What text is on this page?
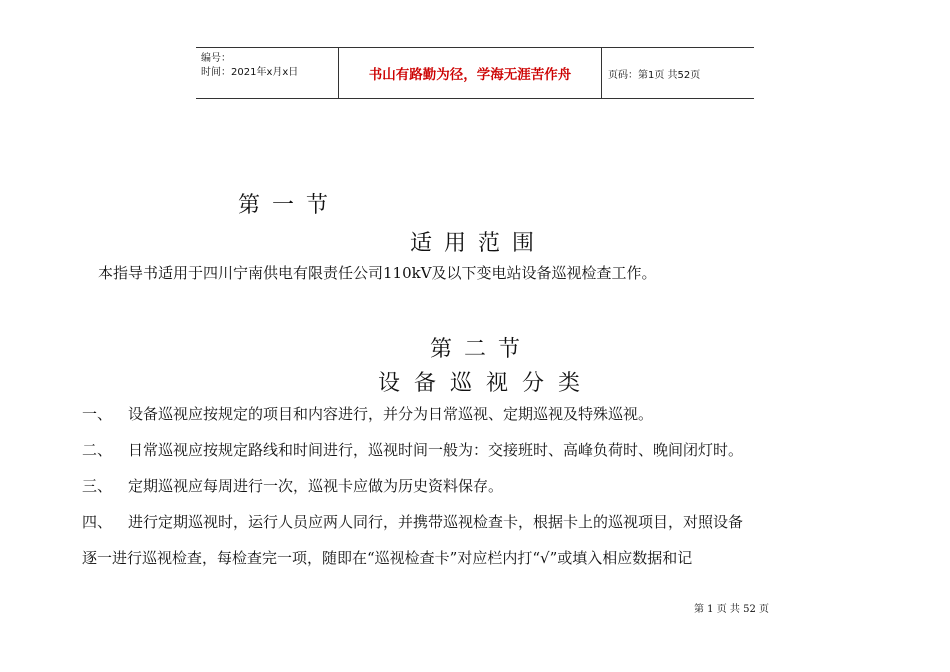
编号：
时间：2021年x月x日	书山有路勤为径，学海无涯苦作舟	页码：第1页 共52页
第一节
适用范围
本指导书适用于四川宁南供电有限责任公司110kV及以下变电站设备巡视检查工作。
第二节
设备巡视分类
一、 设备巡视应按规定的项目和内容进行，并分为日常巡视、定期巡视及特殊巡视。
二、 日常巡视应按规定路线和时间进行，巡视时间一般为：交接班时、高峰负荷时、晚间闭灯时。
三、 定期巡视应每周进行一次，巡视卡应做为历史资料保存。
四、 进行定期巡视时，运行人员应两人同行，并携带巡视检查卡，根据卡上的巡视项目，对照设备
逐一进行巡视检查，每检查完一项，随即在“巡视检查卡”对应栏内打“√”或填入相应数据和记
第 1 页 共 52 页
